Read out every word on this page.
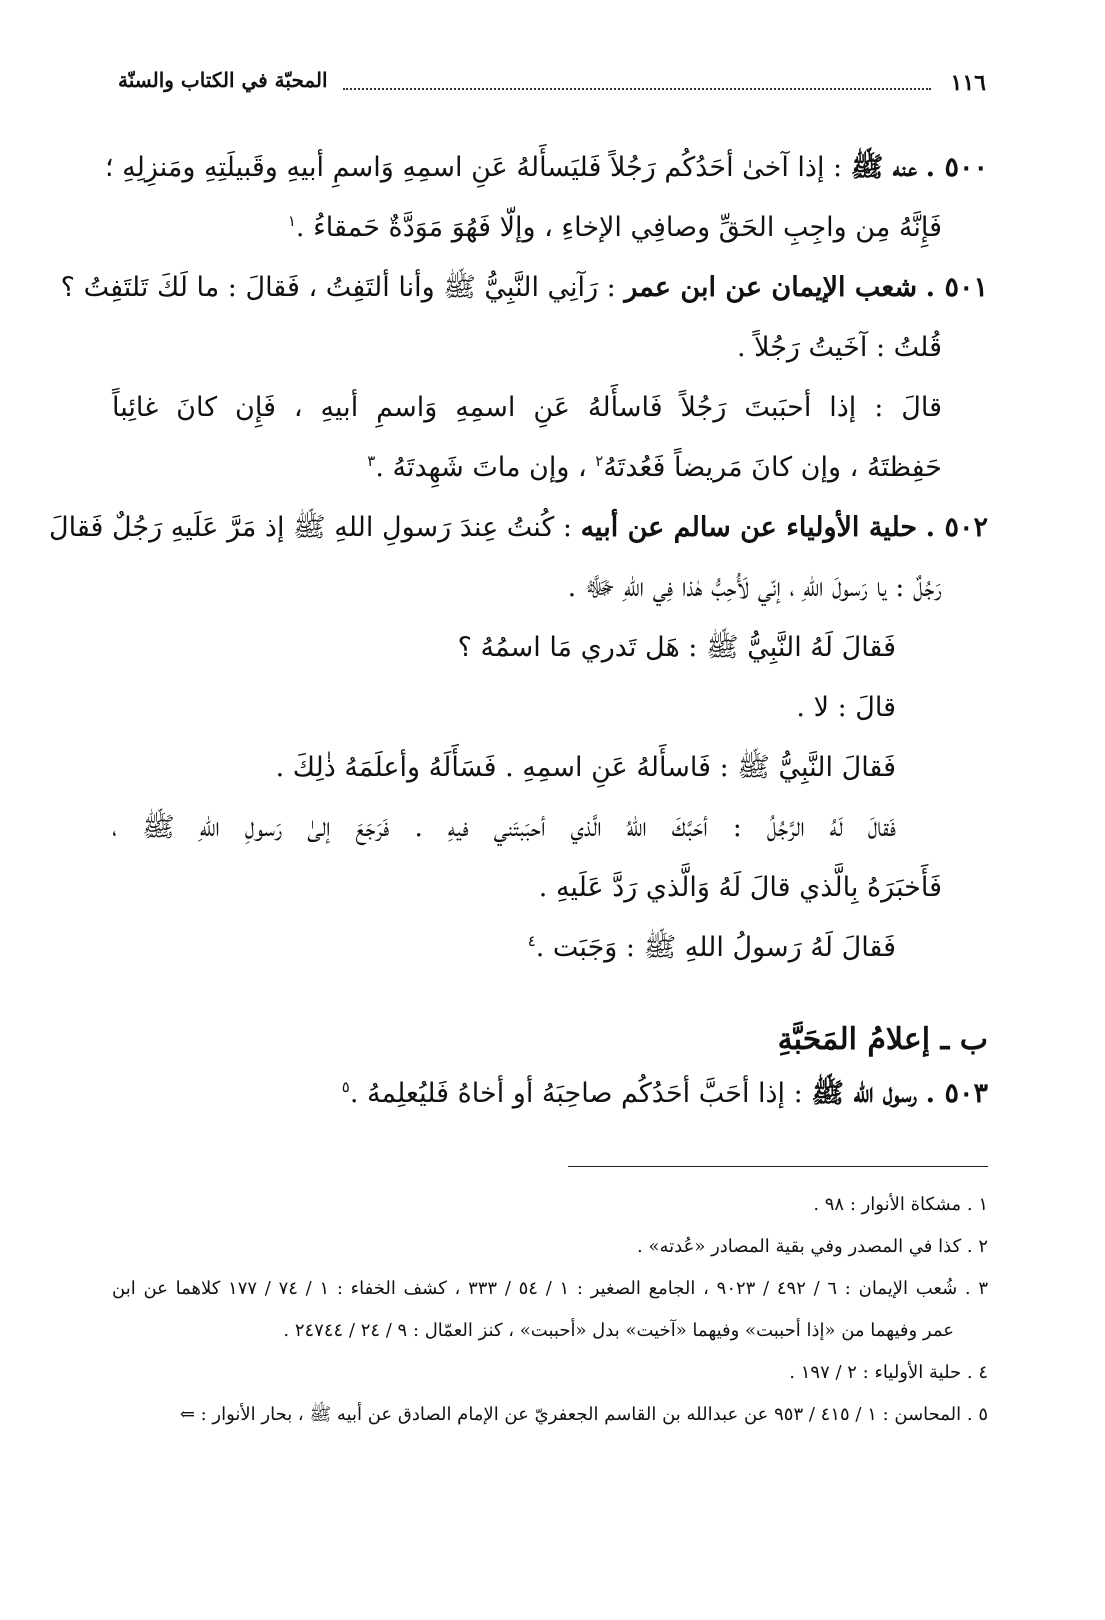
١١٦
المحبّة في الكتاب والسنّة
٥٠٠ . عنه ﷺ : إذا آخىٰ أحَدُكُم رَجُلاً فَليَسأَلهُ عَنِ اسمِهِ وَاسمِ أبيهِ وقَبيلَتِهِ ومَنزِلِهِ ؛
فَإِنَّهُ مِن واجِبِ الحَقِّ وصافِي الإخاءِ ، وإلّا فَهُوَ مَوَدَّةٌ حَمقاءُ .$^١$
٥٠١ . شعب الإيمان عن ابن عمر : رَآنِي النَّبِيُّ ﷺ وأنا ألتَفِتُ ، فَقالَ : ما لَكَ تَلتَفِتُ ؟
قُلتُ : آخَيتُ رَجُلاً .
قالَ : إذا أحبَبتَ رَجُلاً فَاسأَلهُ عَنِ اسمِهِ وَاسمِ أبيهِ ، فَإِن كانَ غائِباً
حَفِظتَهُ ، وإن كانَ مَريضاً فَعُدتَهُ$^٢$ ، وإن ماتَ شَهِدتَهُ .$^٣$
٥٠٢ . حلية الأولياء عن سالم عن أبيه : كُنتُ عِندَ رَسولِ اللهِ ﷺ إذ مَرَّ عَلَيهِ رَجُلٌ فَقالَ
رَجُلٌ : يا رَسولَ اللهِ ، إنّي لَأُحِبُّ هٰذا فِي اللهِ ﷻ .
فَقالَ لَهُ النَّبِيُّ ﷺ : هَل تَدري مَا اسمُهُ ؟
قالَ : لا .
فَقالَ النَّبِيُّ ﷺ : فَاسأَلهُ عَنِ اسمِهِ . فَسَأَلَهُ وأعلَمَهُ ذٰلِكَ .
فَقالَ لَهُ الرَّجُلُ : أحَبَّكَ اللهُ الَّذي أحبَبتَني فيهِ . فَرَجَعَ إلىٰ رَسولِ اللهِ ﷺ ،
فَأَخبَرَهُ بِالَّذي قالَ لَهُ وَالَّذي رَدَّ عَلَيهِ .
فَقالَ لَهُ رَسولُ اللهِ ﷺ : وَجَبَت .$^٤$
ب ـ إعلامُ المَحَبَّةِ
٥٠٣ . رسول الله ﷺ : إذا أحَبَّ أحَدُكُم صاحِبَهُ أو أخاهُ فَليُعلِمهُ .$^٥$
١ . مشكاة الأنوار : ٩٨ .
٢ . كذا في المصدر وفي بقية المصادر «عُدته» .
٣ . شُعب الإيمان : ٦ / ٤٩٢ / ٩٠٢٣ ، الجامع الصغير : ١ / ٥٤ / ٣٣٣ ، كشف الخفاء : ١ / ٧٤ / ١٧٧ كلاهما عن ابن
عمر وفيهما من «إذا أحببت» وفيهما «آخيت» بدل «أحببت» ، كنز العمّال : ٩ / ٢٤ / ٢٤٧٤٤ .
٤ . حلية الأولياء : ٢ / ١٩٧ .
٥ . المحاسن : ١ / ٤١٥ / ٩٥٣ عن عبدالله بن القاسم الجعفريّ عن الإمام الصادق عن أبيه ﷺ ، بحار الأنوار : ⇐
